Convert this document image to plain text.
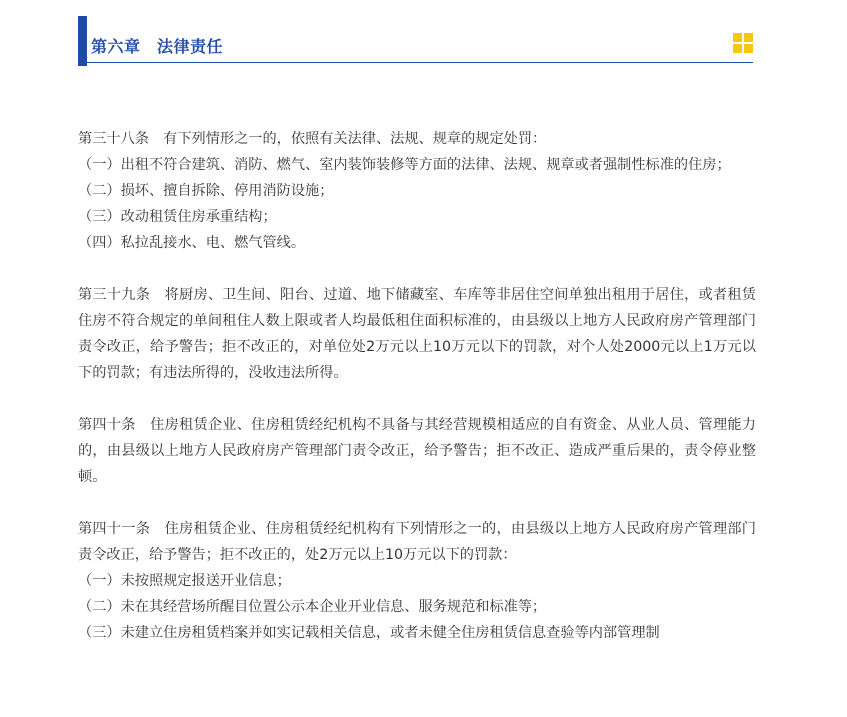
第六章　法律责任

第三十八条　有下列情形之一的，依照有关法律、法规、规章的规定处罚：

（一）出租不符合建筑、消防、燃气、室内装饰装修等方面的法律、法规、规章或者强制性标准的住房；

（二）损坏、擅自拆除、停用消防设施；

（三）改动租赁住房承重结构；

（四）私拉乱接水、电、燃气管线。

第三十九条　将厨房、卫生间、阳台、过道、地下储藏室、车库等非居住空间单独出租用于居住，或者租赁住房不符合规定的单间租住人数上限或者人均最低租住面积标准的，由县级以上地方人民政府房产管理部门责令改正，给予警告；拒不改正的，对单位处2万元以上10万元以下的罚款，对个人处2000元以上1万元以下的罚款；有违法所得的，没收违法所得。

第四十条　住房租赁企业、住房租赁经纪机构不具备与其经营规模相适应的自有资金、从业人员、管理能力的，由县级以上地方人民政府房产管理部门责令改正，给予警告；拒不改正、造成严重后果的，责令停业整顿。

第四十一条　住房租赁企业、住房租赁经纪机构有下列情形之一的，由县级以上地方人民政府房产管理部门责令改正，给予警告；拒不改正的，处2万元以上10万元以下的罚款：

（一）未按照规定报送开业信息；

（二）未在其经营场所醒目位置公示本企业开业信息、服务规范和标准等；

（三）未建立住房租赁档案并如实记载相关信息，或者未健全住房租赁信息查验等内部管理制
